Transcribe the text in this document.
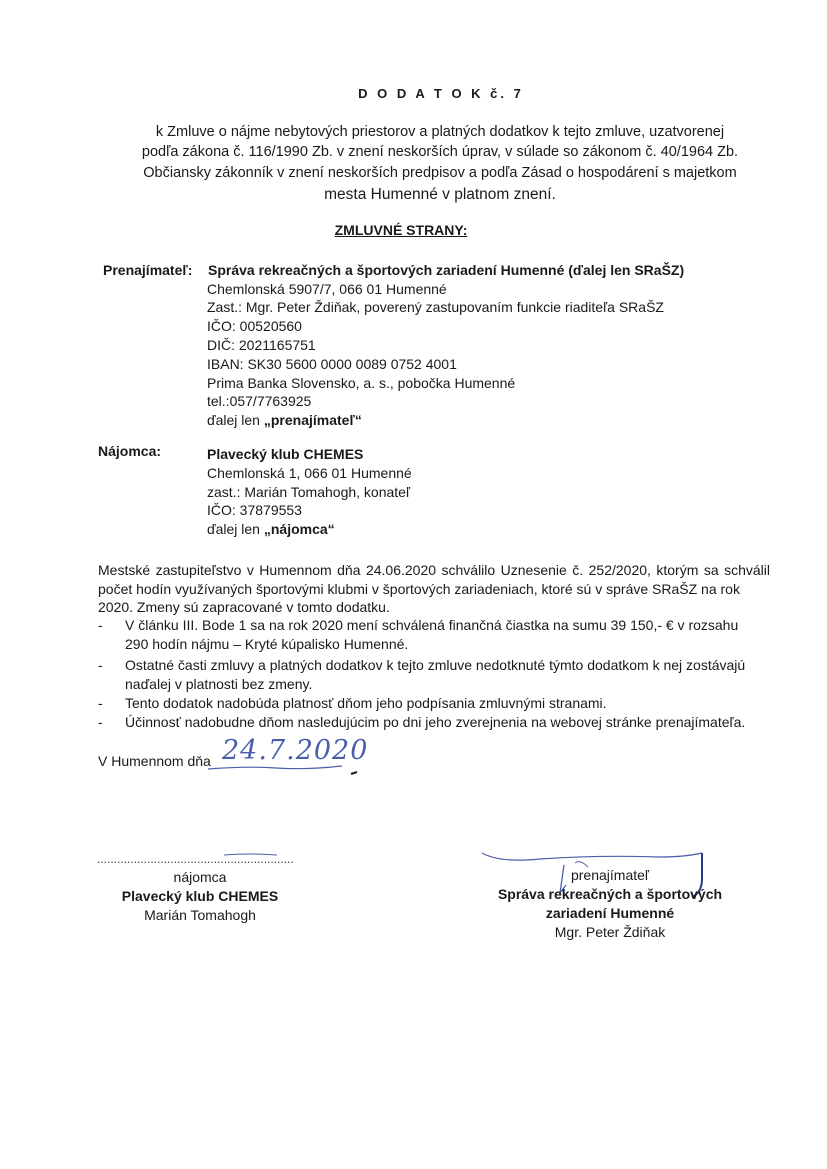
D O D A T O K č. 7
k Zmluve o nájme nebytových priestorov a platných dodatkov k tejto zmluve, uzatvorenej
podľa zákona č. 116/1990 Zb. v znení neskorších úprav, v súlade so zákonom č. 40/1964 Zb.
Občiansky zákonník v znení neskorších predpisov a podľa Zásad o hospodárení s majetkom
mesta Humenné v platnom znení.
ZMLUVNÉ STRANY:
Prenajímateľ: Správa rekreačných a športových zariadení Humenné (ďalej len SRaŠZ)
Chemlonská 5907/7, 066 01 Humenné
Zast.: Mgr. Peter Ždiňak, poverený zastupovaním funkcie riaditeľa SRaŠZ
IČO: 00520560
DIČ: 2021165751
IBAN: SK30 5600 0000 0089 0752 4001
Prima Banka Slovensko, a. s., pobočka Humenné
tel.:057/7763925
ďalej len „prenajímateľ“
Nájomca:	Plavecký klub CHEMES
Chemlonská 1, 066 01 Humenné
zast.: Marián Tomahogh, konateľ
IČO: 37879553
ďalej len „nájomca“
Mestské zastupiteľstvo v Humennom dňa 24.06.2020 schválilo Uznesenie č. 252/2020, ktorým sa schválil počet hodín využívaných športovými klubmi v športových zariadeniach, ktoré sú v správe SRaŠZ na rok
2020. Zmeny sú zapracované v tomto dodatku.
- V článku III. Bode 1 sa na rok 2020 mení schválená finančná čiastka na sumu 39 150,- € v rozsahu
290 hodín nájmu – Kryté kúpalisko Humenné.
- Ostatné časti zmluvy a platných dodatkov k tejto zmluve nedotknuté týmto dodatkom k nej zostávajú
naďalej v platnosti bez zmeny.
- Tento dodatok nadobúda platnosť dňom jeho podpísania zmluvnými stranami.
- Účinnosť nadobudne dňom nasledujúcim po dni jeho zverejnenia na webovej stránke prenajímateľa.
V Humennom dňa 24.7.2020
...........................................................
nájomca
Plavecký klub CHEMES
Marián Tomahogh
prenajímateľ
Správa rekreačných a športových
zariadení Humenné
Mgr. Peter Ždiňak
